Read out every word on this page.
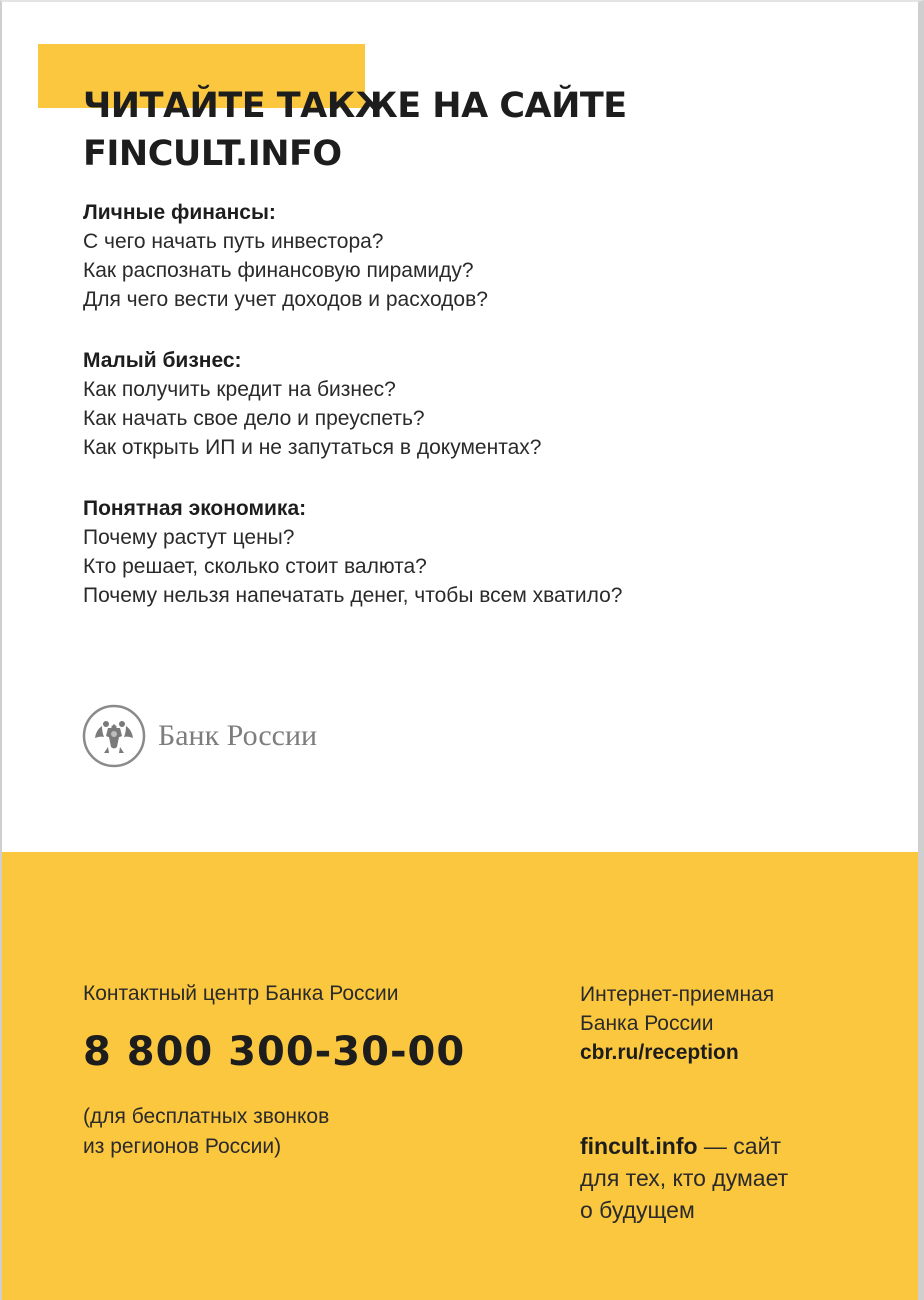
ЧИТАЙТЕ ТАКЖЕ НА САЙТЕ
FINCULT.INFO
Личные финансы:
С чего начать путь инвестора?
Как распознать финансовую пирамиду?
Для чего вести учет доходов и расходов?
Малый бизнес:
Как получить кредит на бизнес?
Как начать свое дело и преуспеть?
Как открыть ИП и не запутаться в документах?
Понятная экономика:
Почему растут цены?
Кто решает, сколько стоит валюта?
Почему нельзя напечатать денег, чтобы всем хватило?
Банк России
Контактный центр Банка России
8 800 300-30-00
(для бесплатных звонков
из регионов России)
Интернет-приемная
Банка России
cbr.ru/reception
fincult.info — сайт
для тех, кто думает
о будущем
